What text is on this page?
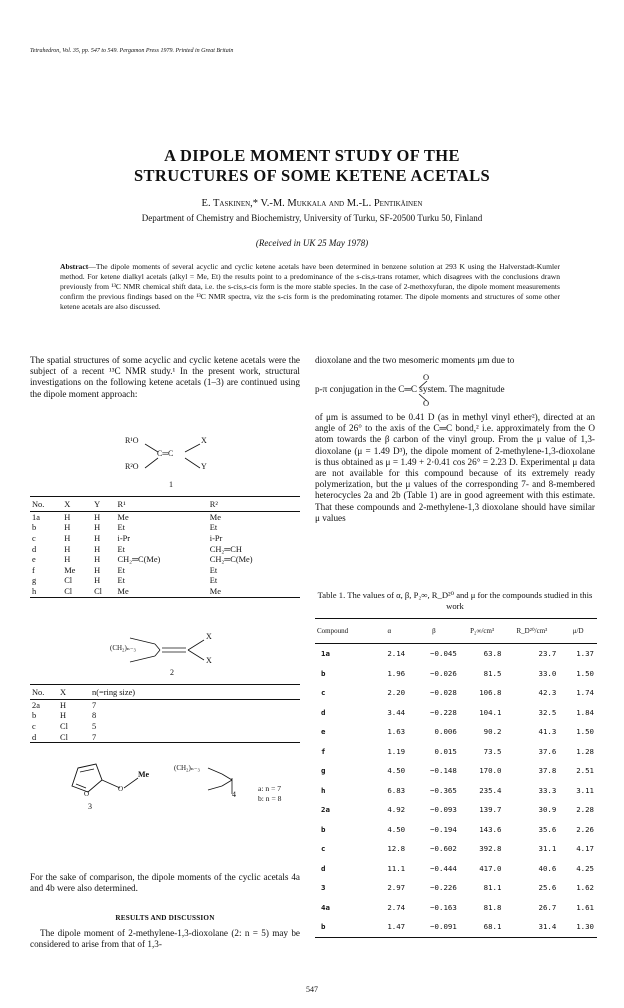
Tetrahedron, Vol. 35, pp. 547 to 549. Pergamon Press 1979. Printed in Great Britain
A DIPOLE MOMENT STUDY OF THE
STRUCTURES OF SOME KETENE ACETALS
E. Taskinen,* V.-M. Mukkala and M.-L. Pentikäinen
Department of Chemistry and Biochemistry, University of Turku, SF-20500 Turku 50, Finland
(Received in UK 25 May 1978)
Abstract—The dipole moments of several acyclic and cyclic ketene acetals have been determined in benzene solution at 293 K using the Halverstadt-Kumler method. For ketene dialkyl acetals (alkyl = Me, Et) the results point to a predominance of the s-cis,s-trans rotamer, which disagrees with the conclusions drawn previously from ¹³C NMR chemical shift data, i.e. the s-cis,s-cis form is the more stable species. In the case of 2-methoxyfuran, the dipole moment measurements confirm the previous findings based on the ¹³C NMR spectra, viz the s-cis form is the predominating rotamer. The dipole moments and structures of some other ketene acetals are also discussed.
The spatial structures of some acyclic and cyclic ketene acetals were the subject of a recent ¹³C NMR study.¹ In the present work, structural investigations on the following ketene acetals (1–3) are continued using the dipole moment approach:
R¹O
R²O
X
Y
C═C
1
No.	X	Y	R¹	R²
1a	H	H	Me	Me
b	H	H	Et	Et
c	H	H	i-Pr	i-Pr
d	H	H	Et	CH₂═CH
e	H	H	CH₂═C(Me)	CH₂═C(Me)
f	Me	H	Et	Et
g	Cl	H	Et	Et
h	Cl	Cl	Me	Me
(CH₂)ₙ₋₃
X
X
2
No.	X	n(=ring size)
2a	H	7
b	H	8
c	Cl	5
d	Cl	7
O
O
Me
3
(CH₂)ₙ₋₃
4
a: n = 7
b: n = 8
For the sake of comparison, the dipole moments of the cyclic acetals 4a and 4b were also determined.
RESULTS AND DISCUSSION
The dipole moment of 2-methylene-1,3-dioxolane (2: n = 5) may be considered to arise from that of 1,3-
dioxolane and the two mesomeric moments μm due to
O
p-π conjugation in the C═C system. The magnitude
O
of μm is assumed to be 0.41 D (as in methyl vinyl ether²), directed at an angle of 26° to the axis of the C═C bond,² i.e. approximately from the O atom towards the β carbon of the vinyl group. From the μ value of 1,3-dioxolane (μ = 1.49 D³), the dipole moment of 2-methylene-1,3-dioxolane is thus obtained as μ = 1.49 + 2·0.41 cos 26° = 2.23 D. Experimental μ data are not available for this compound because of its extremely ready polymerization, but the μ values of the corresponding 7- and 8-membered heterocycles 2a and 2b (Table 1) are in good agreement with this estimate. That these compounds and 2-methylene-1,3 dioxolane should have similar μ values
Table 1. The values of α, β, P₂∞, R_D²⁰ and μ for the compounds studied in this work
Compound	α	β	P₂∞/cm³	R_D²⁰/cm³	μ/D
1a	2.14	−0.045	63.8	23.7	1.37
b	1.96	−0.026	81.5	33.0	1.50
c	2.20	−0.028	106.8	42.3	1.74
d	3.44	−0.228	104.1	32.5	1.84
e	1.63	0.006	90.2	41.3	1.50
f	1.19	0.015	73.5	37.6	1.28
g	4.50	−0.148	170.0	37.8	2.51
h	6.83	−0.365	235.4	33.3	3.11
2a	4.92	−0.093	139.7	30.9	2.28
b	4.50	−0.194	143.6	35.6	2.26
c	12.8	−0.602	392.8	31.1	4.17
d	11.1	−0.444	417.0	40.6	4.25
3	2.97	−0.226	81.1	25.6	1.62
4a	2.74	−0.163	81.8	26.7	1.61
b	1.47	−0.091	68.1	31.4	1.30
547
